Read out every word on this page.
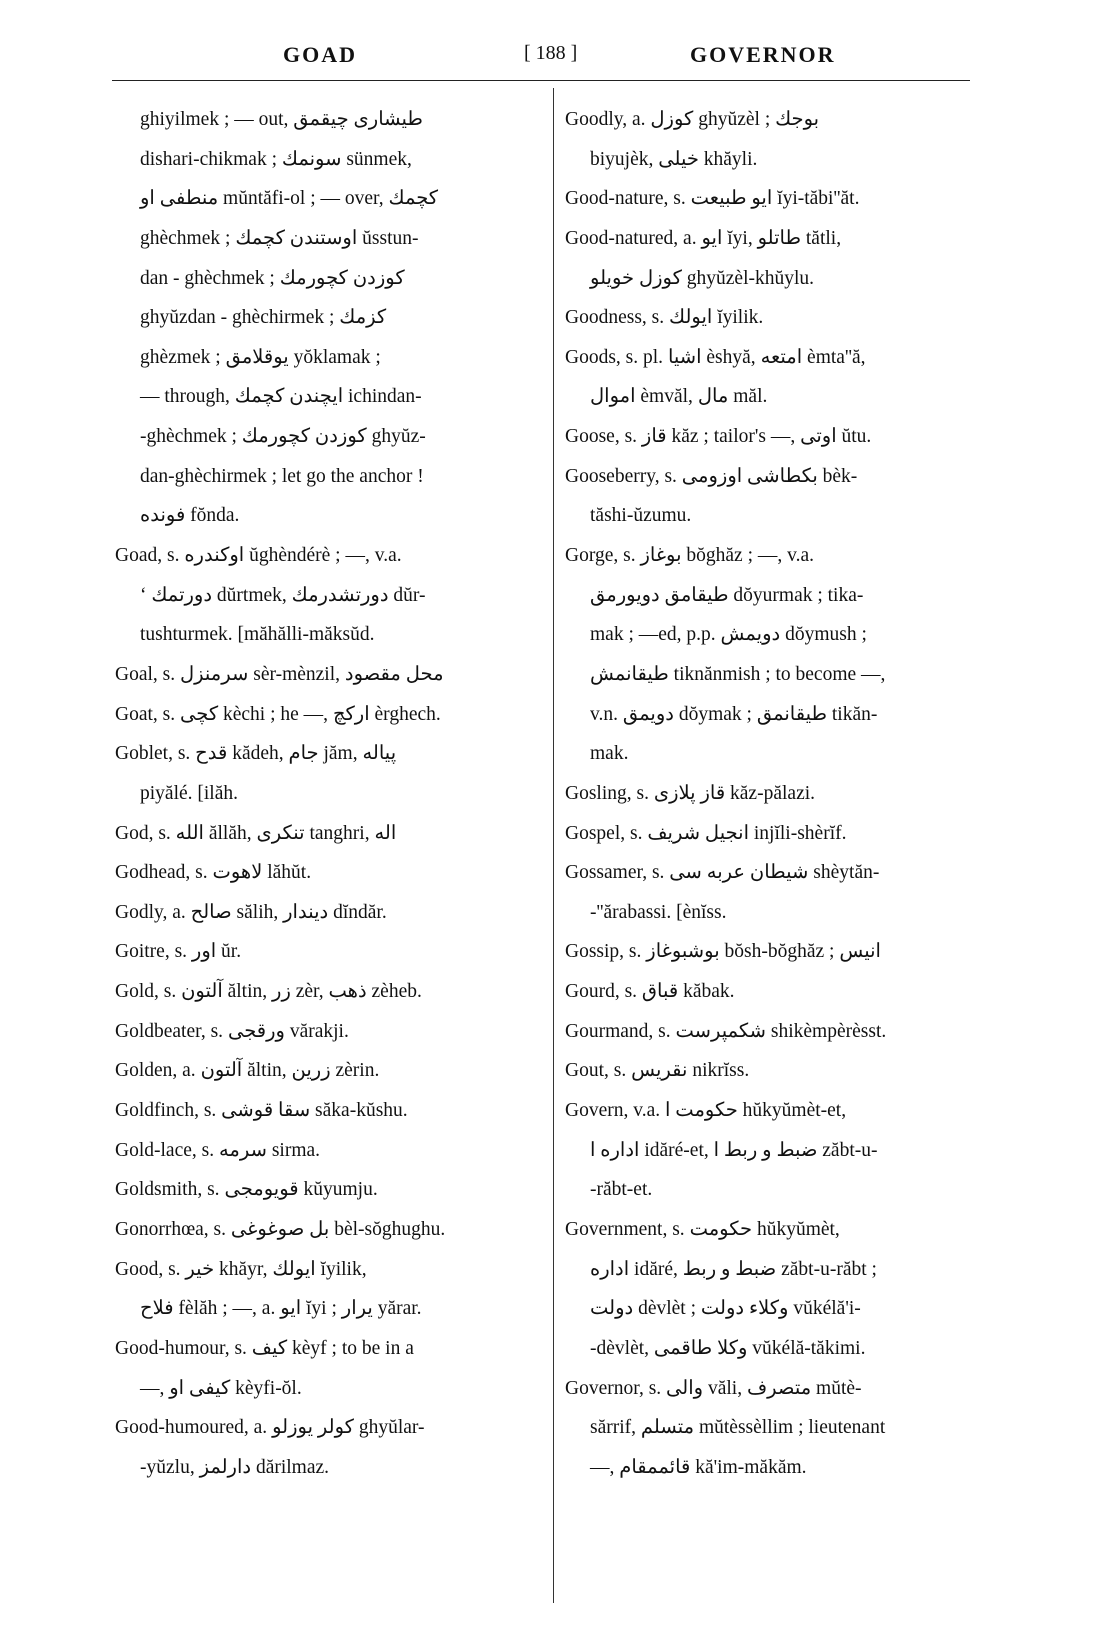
GOAD	[ 188 ]	GOVERNOR
ghiyilmek ; — out, طيشارى چيقمق
dishari-chikmak ; سونمك sünmek,
منطفى او mŭntăfi-ol ; — over, كچمك
ghèchmek ; اوستندن كچمك ŭsstun-
dan - ghèchmek ; كوزدن كچورمك
ghyŭzdan - ghèchirmek ; كزمك
ghèzmek ; يوقلامق yŏklamak ;
— through, ايچندن كچمك ichindan-
-ghèchmek ; كوزدن كچورمك ghyŭz-
dan-ghèchirmek ; let go the anchor !
فونده fŏnda.
Goad, s. اوكندره ŭghèndérè ; —, v.a.
ʻ دورتمك dŭrtmek, دورتشدرمك dŭr-
tushturmek. [măhălli-măksŭd.
Goal, s. سرمنزل sèr-mènzil, محل مقصود
Goat, s. كچى kèchi ; he —, اركچ èrghech.
Goblet, s. قدح kădeh, جام jăm, پياله
piyălé. [ilăh.
God, s. الله ăllăh, تنكرى tanghri, اله
Godhead, s. لاهوت lăhŭt.
Godly, a. صالح sălih, ديندار dĭndăr.
Goitre, s. اور ŭr.
Gold, s. آلتون ăltin, زر zèr, ذهب zèheb.
Goldbeater, s. ورقجى vărakji.
Golden, a. آلتون ăltin, زرين zèrin.
Goldfinch, s. سقا قوشى săka-kŭshu.
Gold-lace, s. سرمه sirma.
Goldsmith, s. قويومجى kŭyumju.
Gonorrhœa, s. بل صوغوغى bèl-sŏghughu.
Good, s. خير khăyr, ايولك ĭyilik,
فلاح fèlăh ; —, a. ايو ĭyi ; يرار yărar.
Good-humour, s. كيف kèyf ; to be in a
—, كيفى او kèyfi-ŏl.
Good-humoured, a. كولر يوزلو ghyŭlar-
-yŭzlu, دارلمز dărilmaz.
Goodly, a. كوزل ghyŭzèl ; بوجك
biyujèk, خيلى khăyli.
Good-nature, s. ايو طبيعت ĭyi-tăbi''ăt.
Good-natured, a. ايو ĭyi, طاتلو tătli,
كوزل خويلو ghyŭzèl-khŭylu.
Goodness, s. ايولك ĭyilik.
Goods, s. pl. اشيا èshyă, امتعه èmta''ă,
اموال èmvăl, مال măl.
Goose, s. قاز kăz ; tailor's —, اوتى ŭtu.
Gooseberry, s. بكطاشى اوزومى bèk-
tăshi-ŭzumu.
Gorge, s. بوغاز bŏghăz ; —, v.a.
طيقامق دويورمق dŏyurmak ; tika-
mak ; —ed, p.p. دويمش dŏymush ;
طيقانمش tiknănmish ; to become —,
v.n. دويمق dŏymak ; طيقانمق tikăn-
mak.
Gosling, s. قاز پلازى kăz-pălazi.
Gospel, s. انجيل شريف injĭli-shèrĭf.
Gossamer, s. شيطان عربه سى shèytăn-
-''ărabassi. [ènĭss.
Gossip, s. بوشبوغاز bŏsh-bŏghăz ; انيس
Gourd, s. قباق kăbak.
Gourmand, s. شكمپرست shikèmpèrèsst.
Gout, s. نقريس nikrĭss.
Govern, v.a. حكومت ا hŭkyŭmèt-et,
اداره ا idăré-et, ضبط و ربط ا zăbt-u-
-răbt-et.
Government, s. حكومت hŭkyŭmèt,
اداره idăré, ضبط و ربط zăbt-u-răbt ;
دولت dèvlèt ; وكلاء دولت vŭkélă'i-
-dèvlèt, وكلا طاقمى vŭkélă-tăkimi.
Governor, s. والى văli, متصرف mŭtè-
sărrif, متسلم mŭtèssèllim ; lieutenant
—, قائممقام kă'im-măkăm.
